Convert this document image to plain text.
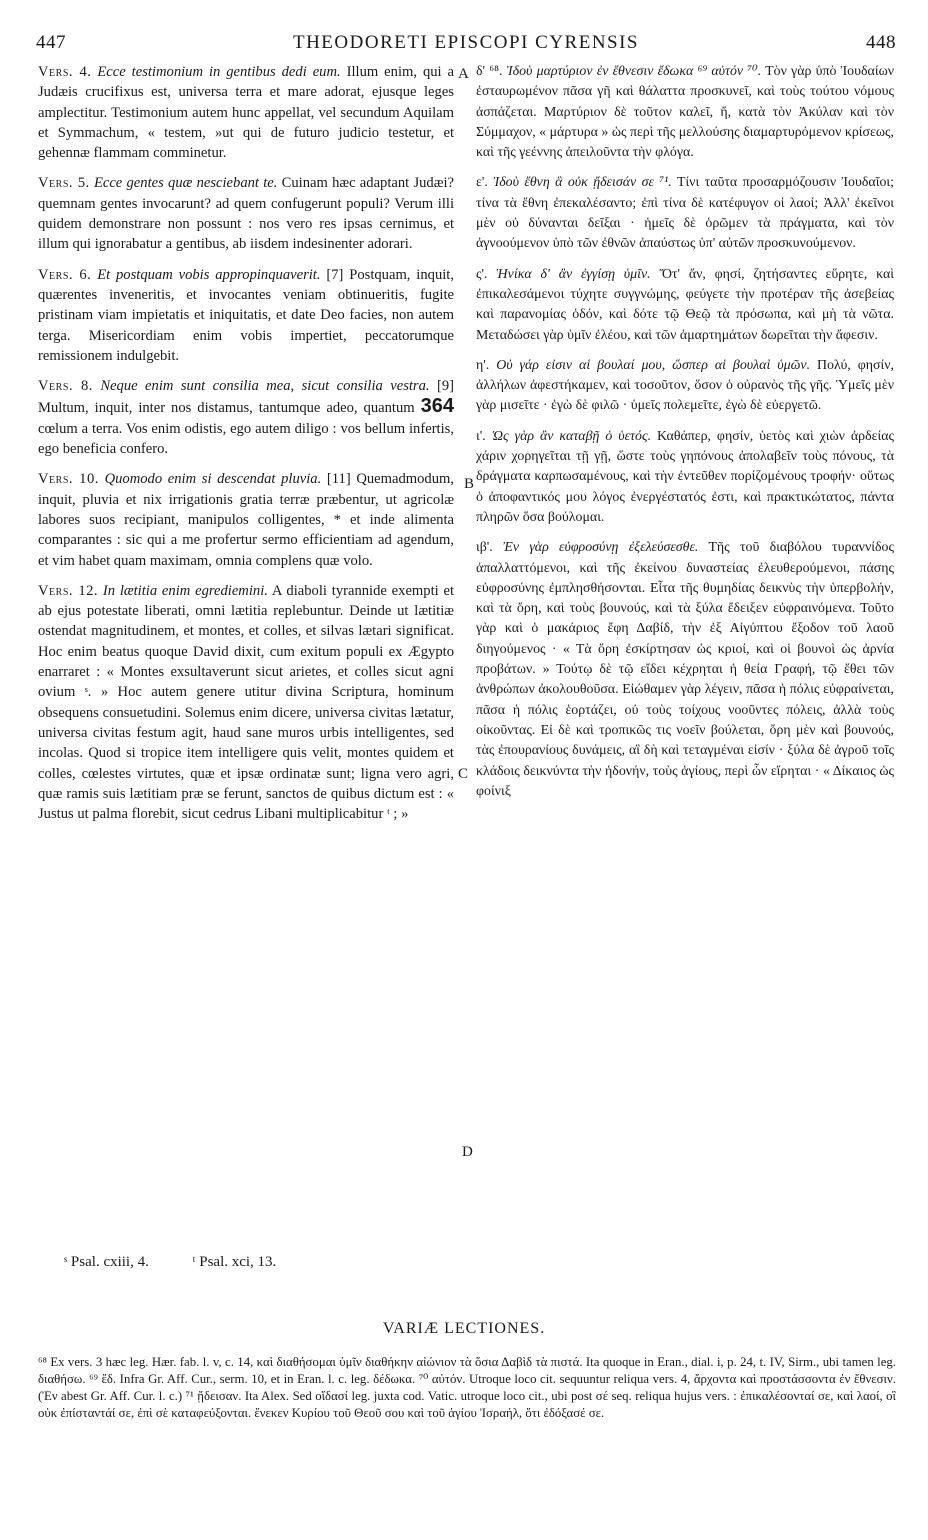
447	THEODORETI EPISCOPI CYRENSIS	448
A
B
C
D

Vers. 4. Ecce testimonium in gentibus dedi eum. Illum enim, qui a Judæis crucifixus est, universa terra et mare adorat, ejusque leges amplectitur. Testimonium autem hunc appellat, vel secundum Aquilam et Symmachum, « testem, »ut qui de futuro judicio testetur, et gehennæ flammam comminetur.

Vers. 5. Ecce gentes quæ nesciebant te. Cuinam hæc adaptant Judæi? quemnam gentes invocarunt? ad quem confugerunt populi? Verum illi quidem demonstrare non possunt : nos vero res ipsas cernimus, et illum qui ignorabatur a gentibus, ab iisdem indesinenter adorari.

Vers. 6. Et postquam vobis appropinquaverit. [7] Postquam, inquit, quærentes inveneritis, et invocantes veniam obtinueritis, fugite pristinam viam impietatis et iniquitatis, et date Deo facies, non autem terga. Misericordiam enim vobis impertiet, peccatorumque remissionem indulgebit.

Vers. 8. Neque enim sunt consilia mea, sicut consilia vestra. [9] Multum, inquit, inter nos distamus, tantumque adeo, quantum 364 cœlum a terra. Vos enim odistis, ego autem diligo : vos bellum infertis, ego beneficia confero.

Vers. 10. Quomodo enim si descendat pluvia. [11] Quemadmodum, inquit, pluvia et nix irrigationis gratia terræ præbentur, ut agricolæ labores suos recipiant, manipulos colligentes, * et inde alimenta comparantes : sic qui a me profertur sermo efficientiam ad agendum, et vim habet quam maximam, omnia complens quæ volo.

Vers. 12. In lætitia enim egrediemini. A diaboli tyrannide exempti et ab ejus potestate liberati, omni lætitia replebuntur. Deinde ut lætitiæ ostendat magnitudinem, et montes, et colles, et silvas lætari significat. Hoc enim beatus quoque David dixit, cum exitum populi ex Ægypto enarraret : « Montes exsultaverunt sicut arietes, et colles sicut agni ovium ˢ. » Hoc autem genere utitur divina Scriptura, hominum obsequens consuetudini. Solemus enim dicere, universa civitas lætatur, universa civitas festum agit, haud sane muros urbis intelligentes, sed incolas. Quod si tropice item intelligere quis velit, montes quidem et colles, cœlestes virtutes, quæ et ipsæ ordinatæ sunt; ligna vero agri, quæ ramis suis lætitiam præ se ferunt, sanctos de quibus dictum est : « Justus ut palma florebit, sicut cedrus Libani multiplicabitur ᵗ ; »

δ' ⁶⁸. Ἰδοὺ μαρτύριον ἐν ἔθνεσιν ἔδωκα ⁶⁹ αὐτόν ⁷⁰. Τὸν γὰρ ὑπὸ Ἰουδαίων ἐσταυρωμένον πᾶσα γῆ καὶ θάλαττα προσκυνεῖ, καὶ τοὺς τούτου νόμους ἀσπάζεται. Μαρτύριον δὲ τοῦτον καλεῖ, ἤ, κατὰ τὸν Ἀκύλαν καὶ τὸν Σύμμαχον, « μάρτυρα » ὡς περὶ τῆς μελλούσης διαμαρτυρόμενον κρίσεως, καὶ τῆς γεέννης ἀπειλοῦντα τὴν φλόγα.

ε'. Ἰδοὺ ἔθνη ἃ οὐκ ᾔδεισάν σε ⁷¹. Τίνι ταῦτα προσαρμόζουσιν Ἰουδαῖοι; τίνα τὰ ἔθνη ἐπεκαλέσαντο; ἐπὶ τίνα δὲ κατέφυγον οἱ λαοί; Ἀλλ' ἐκεῖνοι μὲν οὐ δύνανται δεῖξαι · ἡμεῖς δὲ ὁρῶμεν τὰ πράγματα, καὶ τὸν ἀγνοούμενον ὑπὸ τῶν ἐθνῶν ἀπαύστως ὑπ' αὐτῶν προσκυνούμενον.

ς'. Ἡνίκα δ' ἂν ἐγγίσῃ ὑμῖν. Ὅτ' ἄν, φησί, ζητήσαντες εὕρητε, καὶ ἐπικαλεσάμενοι τύχητε συγγνώμης, φεύγετε τὴν προτέραν τῆς ἀσεβείας καὶ παρανομίας ὁδόν, καὶ δότε τῷ Θεῷ τὰ πρόσωπα, καὶ μὴ τὰ νῶτα. Μεταδώσει γὰρ ὑμῖν ἐλέου, καὶ τῶν ἁμαρτημάτων δωρεῖται τὴν ἄφεσιν.

η'. Οὐ γάρ εἰσιν αἱ βουλαί μου, ὥσπερ αἱ βουλαὶ ὑμῶν. Πολύ, φησίν, ἀλλήλων ἀφεστήκαμεν, καὶ τοσοῦτον, ὅσον ὁ οὐρανὸς τῆς γῆς. Ὑμεῖς μὲν γὰρ μισεῖτε · ἐγὼ δὲ φιλῶ · ὑμεῖς πολεμεῖτε, ἐγὼ δὲ εὐεργετῶ.

ι'. Ὡς γὰρ ἂν καταβῇ ὁ ὑετός. Καθάπερ, φησίν, ὑετὸς καὶ χιὼν ἀρδείας χάριν χορηγεῖται τῇ γῇ, ὥστε τοὺς γηπόνους ἀπολαβεῖν τοὺς πόνους, τὰ δράγματα καρπωσαμένους, καὶ τὴν ἐντεῦθεν πορίζομένους τροφήν· οὕτως ὁ ἀποφαντικός μου λόγος ἐνεργέστατός ἐστι, καὶ πρακτικώτατος, πάντα πληρῶν ὅσα βούλομαι.

ιβ'. Ἐν γὰρ εὐφροσύνῃ ἐξελεύσεσθε. Τῆς τοῦ διαβόλου τυραννίδος ἀπαλλαττόμενοι, καὶ τῆς ἐκείνου δυναστείας ἐλευθερούμενοι, πάσης εὐφροσύνης ἐμπλησθήσονται. Εἶτα τῆς θυμηδίας δεικνὺς τὴν ὑπερβολήν, καὶ τὰ ὄρη, καὶ τοὺς βουνούς, καὶ τὰ ξύλα ἔδειξεν εὐφραινόμενα. Τοῦτο γὰρ καὶ ὁ μακάριος ἔφη Δαβίδ, τὴν ἐξ Αἰγύπτου ἔξοδον τοῦ λαοῦ διηγούμενος · « Τὰ ὄρη ἐσκίρτησαν ὡς κριοί, καὶ οἱ βουνοὶ ὡς ἀρνία προβάτων. » Τούτῳ δὲ τῷ εἴδει κέχρηται ἡ θεία Γραφή, τῷ ἔθει τῶν ἀνθρώπων ἀκολουθοῦσα. Εἰώθαμεν γὰρ λέγειν, πᾶσα ἡ πόλις εὐφραίνεται, πᾶσα ἡ πόλις ἑορτάζει, οὐ τοὺς τοίχους νοοῦντες πόλεις, ἀλλὰ τοὺς οἰκοῦντας. Εἰ δὲ καὶ τροπικῶς τις νοεῖν βούλεται, ὄρη μὲν καὶ βουνούς, τὰς ἐπουρανίους δυνάμεις, αἳ δὴ καὶ τεταγμέναι εἰσίν · ξύλα δὲ ἀγροῦ τοῖς κλάδοις δεικνύντα τὴν ἡδονήν, τοὺς ἁγίους, περὶ ὧν εἴρηται · « Δίκαιος ὡς φοίνιξ

ˢ Psal. cxiii, 4.	ᵗ Psal. xci, 13.
VARIÆ LECTIONES.

⁶⁸ Ex vers. 3 hæc leg. Hær. fab. l. v, c. 14, καὶ διαθήσομαι ὑμῖν διαθήκην αἰώνιον τὰ ὅσια Δαβὶδ τὰ πιστά. Ita quoque in Eran., dial. i, p. 24, t. IV, Sirm., ubi tamen leg. διαθήσω. ⁶⁹ ἔδ. Infra Gr. Aff. Cur., serm. 10, et in Eran. l. c. leg. δέδωκα. ⁷⁰ αὐτόν. Utroque loco cit. sequuntur reliqua vers. 4, ἄρχοντα καὶ προστάσσοντα ἐν ἔθνεσιν. (Ἐν abest Gr. Aff. Cur. l. c.) ⁷¹ ᾔδεισαν. Ita Alex. Sed οἴδασί leg. juxta cod. Vatic. utroque loco cit., ubi post σέ seq. reliqua hujus vers. : ἐπικαλέσονταί σε, καὶ λαοί, οἳ οὐκ ἐπίσταντάί σε, ἐπὶ σὲ καταφεύξονται. ἕνεκεν Κυρίου τοῦ Θεοῦ σου καὶ τοῦ ἁγίου Ἰσραήλ, ὅτι ἐδόξασέ σε.
